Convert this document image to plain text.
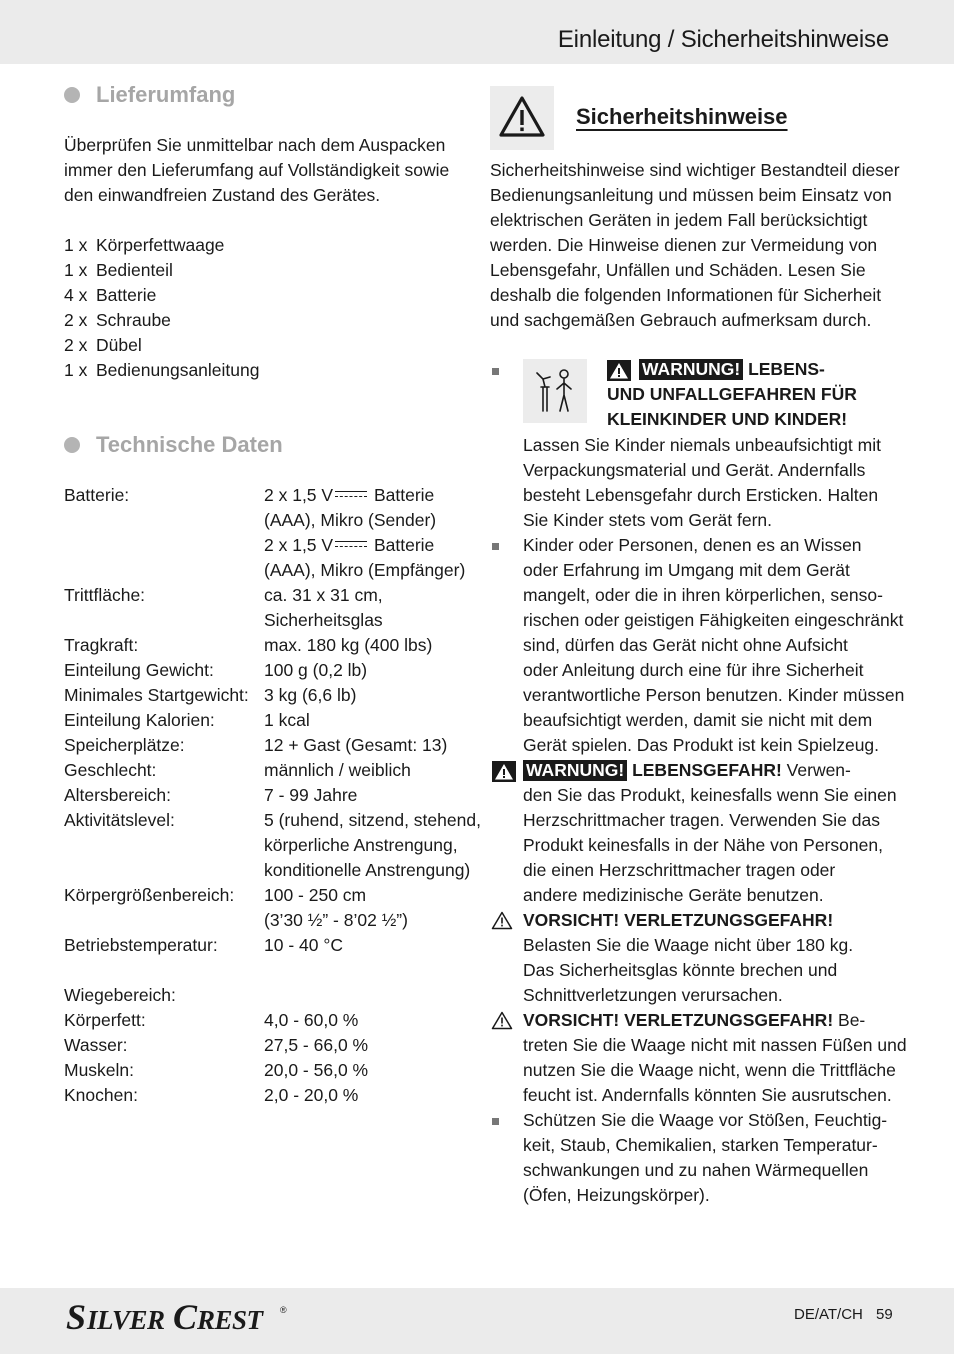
Einleitung / Sicherheitshinweise
Lieferumfang
Überprüfen Sie unmittelbar nach dem Auspacken
immer den Lieferumfang auf Vollständigkeit sowie
den einwandfreien Zustand des Gerätes.
1 x Körperfettwaage
1 x Bedienteil
4 x Batterie
2 x Schraube
2 x Dübel
1 x Bedienungsanleitung
Technische Daten
Batterie:	2 x 1,5 V Batterie
(AAA), Mikro (Sender)
2 x 1,5 V Batterie
(AAA), Mikro (Empfänger)
Trittfläche:	ca. 31 x 31 cm,
Sicherheitsglas
Tragkraft:	max. 180 kg (400 lbs)
Einteilung Gewicht:	100 g (0,2 lb)
Minimales Startgewicht: 3 kg (6,6 lb)
Einteilung Kalorien:	1 kcal
Speicherplätze:	12 + Gast (Gesamt: 13)
Geschlecht:	männlich / weiblich
Altersbereich:	7 - 99 Jahre
Aktivitätslevel:	5 (ruhend, sitzend, stehend,
körperliche Anstrengung,
konditionelle Anstrengung)
Körpergrößenbereich: 100 - 250 cm
(3’30 ½” - 8’02 ½”)
Betriebstemperatur:	10 - 40 °C
Wiegebereich:
Körperfett:	4,0 - 60,0 %
Wasser:	27,5 - 66,0 %
Muskeln:	20,0 - 56,0 %
Knochen:	2,0 - 20,0 %
Sicherheitshinweise
Sicherheitshinweise sind wichtiger Bestandteil dieser
Bedienungsanleitung und müssen beim Einsatz von
elektrischen Geräten in jedem Fall berücksichtigt
werden. Die Hinweise dienen zur Vermeidung von
Lebensgefahr, Unfällen und Schäden. Lesen Sie
deshalb die folgenden Informationen für Sicherheit
und sachgemäßen Gebrauch aufmerksam durch.
WARNUNG! LEBENS-
UND UNFALLGEFAHREN FÜR
KLEINKINDER UND KINDER!
Lassen Sie Kinder niemals unbeaufsichtigt mit
Verpackungsmaterial und Gerät. Andernfalls
besteht Lebensgefahr durch Ersticken. Halten
Sie Kinder stets vom Gerät fern.
Kinder oder Personen, denen es an Wissen
oder Erfahrung im Umgang mit dem Gerät
mangelt, oder die in ihren körperlichen, senso-
rischen oder geistigen Fähigkeiten eingeschränkt
sind, dürfen das Gerät nicht ohne Aufsicht
oder Anleitung durch eine für ihre Sicherheit
verantwortliche Person benutzen. Kinder müssen
beaufsichtigt werden, damit sie nicht mit dem
Gerät spielen. Das Produkt ist kein Spielzeug.
WARNUNG! LEBENSGEFAHR! Verwen-
den Sie das Produkt, keinesfalls wenn Sie einen
Herzschrittmacher tragen. Verwenden Sie das
Produkt keinesfalls in der Nähe von Personen,
die einen Herzschrittmacher tragen oder
andere medizinische Geräte benutzen.
VORSICHT! VERLETZUNGSGEFAHR!
Belasten Sie die Waage nicht über 180 kg.
Das Sicherheitsglas könnte brechen und
Schnittverletzungen verursachen.
VORSICHT! VERLETZUNGSGEFAHR! Be-
treten Sie die Waage nicht mit nassen Füßen und
nutzen Sie die Waage nicht, wenn die Trittfläche
feucht ist. Andernfalls könnten Sie ausrutschen.
Schützen Sie die Waage vor Stößen, Feuchtig-
keit, Staub, Chemikalien, starken Temperatur-
schwankungen und zu nahen Wärmequellen
(Öfen, Heizungskörper).
S ILVER C REST ®	DE/AT/CH 59
